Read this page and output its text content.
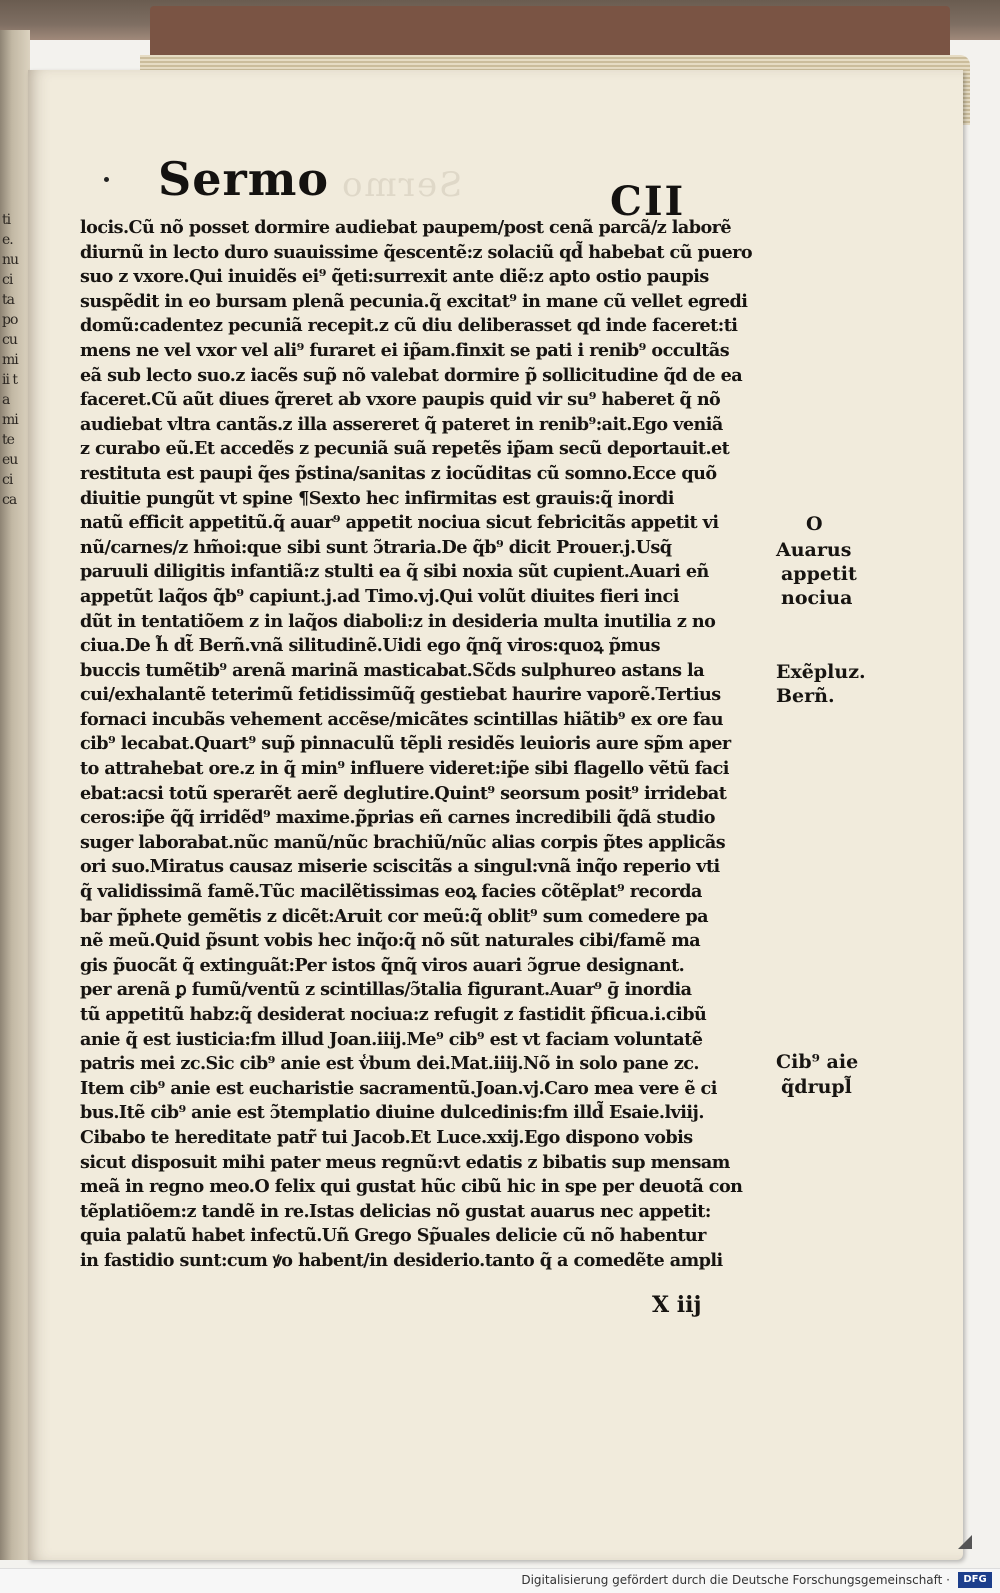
tie. nu ci ta po cu mi ii ta mi te eu ci ca
Sermo
Sermo	CII
locis.Cũ nõ posset dormire audiebat paupem/post cenã parcã/z laborẽ
diurnũ in lecto duro suauissime q̃escentẽ:z solaciũ qd̃ habebat cũ puero
suo z vxore.Qui inuidẽs ei⁹ q̃eti:surrexit ante diẽ:z apto ostio paupis
suspẽdit in eo bursam plenã pecunia.q̃ excitat⁹ in mane cũ vellet egredi
domũ:cadentez pecuniã recepit.z cũ diu deliberasset qd inde faceret:ti
mens ne vel vxor vel ali⁹ furaret ei ip̃am.finxit se pati i renib⁹ occultãs
eã sub lecto suo.z iacẽs sup̃ nõ valebat dormire p̃ sollicitudine q̃d de ea
faceret.Cũ aũt diues q̃reret ab vxore paupis quid vir su⁹ haberet q̃ nõ
audiebat vltra cantãs.z illa assereret q̃ pateret in renib⁹:ait.Ego veniã
z curabo eũ.Et accedẽs z pecuniã suã repetẽs ip̃am secũ deportauit.et
restituta est paupi q̃es p̃stina/sanitas z iocũditas cũ somno.Ecce quõ
diuitie pungũt vt spine ¶Sexto hec infirmitas est grauis:q̃ inordi
natũ efficit appetitũ.q̃ auar⁹ appetit nociua sicut febricitãs appetit vi
nũ/carnes/z hm̃oi:que sibi sunt ɔ̃traria.De q̃b⁹ dicit Prouer.j.Usq̃
paruuli diligitis infantiã:z stulti ea q̃ sibi noxia sũt cupient.Auari eñ
appetũt laq̃os q̃b⁹ capiunt.j.ad Timo.vj.Qui volũt diuites fieri inci
dũt in tentatiõem z in laq̃os diaboli:z in desideria multa inutilia z no
ciua.De h̃ dt̃ Berñ.vnã silitudinẽ.Uidi ego q̃nq̃ viros:quoꝝ p̃mus
buccis tumẽtib⁹ arenã marinã masticabat.Sc̃ds sulphureo astans la
cui/exhalantẽ teterimũ fetidissimũq̃ gestiebat haurire vaporẽ.Tertius
fornaci incubãs vehement accẽse/micãtes scintillas hiãtib⁹ ex ore fau
cib⁹ lecabat.Quart⁹ sup̃ pinnaculũ tẽpli residẽs leuioris aure sp̃m aper
to attrahebat ore.z in q̃ min⁹ influere videret:ip̃e sibi flagello vẽtũ faci
ebat:acsi totũ sperarẽt aerẽ deglutire.Quint⁹ seorsum posit⁹ irridebat
ceros:ip̃e q̃q̃ irridẽd⁹ maxime.p̃prias eñ carnes incredibili q̃dã studio
suger laborabat.nũc manũ/nũc brachiũ/nũc alias corpis p̃tes applicãs
ori suo.Miratus causaz miserie sciscitãs a singul:vnã inq̃o reperio vti
q̃ validissimã famẽ.Tũc macilẽtissimas eoꝝ facies cõtẽplat⁹ recorda
bar p̃phete gemẽtis z dicẽt:Aruit cor meũ:q̃ oblit⁹ sum comedere pa
nẽ meũ.Quid p̃sunt vobis hec inq̃o:q̃ nõ sũt naturales cibi/famẽ ma
gis p̃uocãt q̃ extinguãt:Per istos q̃nq̃ viros auari ɔ̃grue designant.
per arenã ꝑ fumũ/ventũ z scintillas/ɔ̃talia figurant.Auar⁹ ḡ inordia
tũ appetitũ habz:q̃ desiderat nociua:z refugit z fastidit p̃ficua.i.cibũ
anie q̃ est iusticia:fm illud Joan.iiij.Me⁹ cib⁹ est vt faciam voluntatẽ
patris mei zc.Sic cib⁹ anie est v̾bum dei.Mat.iiij.Nõ in solo pane zc.
Item cib⁹ anie est eucharistie sacramentũ.Joan.vj.Caro mea vere ẽ ci
bus.Itẽ cib⁹ anie est ɔ̃templatio diuine dulcedinis:fm illd̃ Esaie.lviij.
Cibabo te hereditate patr̃ tui Jacob.Et Luce.xxij.Ego dispono vobis
sicut disposuit mihi pater meus regnũ:vt edatis z bibatis sup mensam
meã in regno meo.O felix qui gustat hũc cibũ hic in spe per deuotã con
tẽplatiõem:z tandẽ in re.Istas delicias nõ gustat auarus nec appetit:
quia palatũ habet infectũ.Uñ Grego Sp̃uales delicie cũ nõ habentur
in fastidio sunt:cum ꝟo habent/in desiderio.tanto q̃ a comedẽte ampli
O
Auarus
appetit
nociua
Exẽpluz.
Berñ.
Cib⁹ aie
q̃drupl̃
X iij
Digitalisierung gefördert durch die Deutsche Forschungsgemeinschaft ·	DFG
